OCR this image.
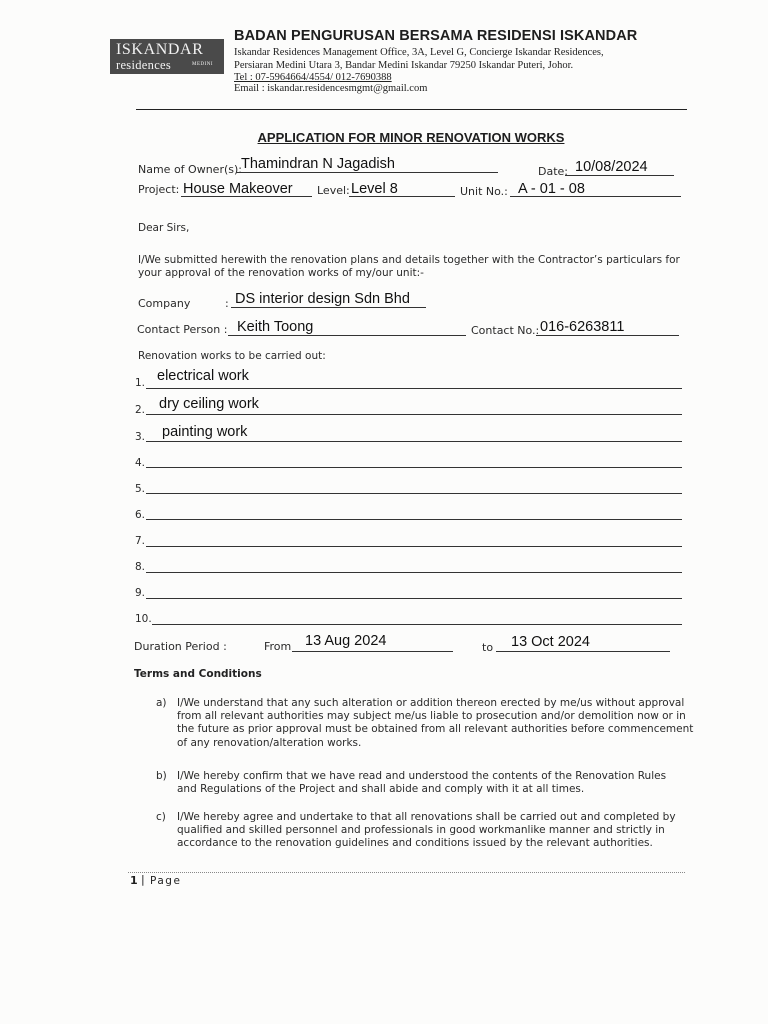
ISKANDAR
residences	MEDINI
BADAN PENGURUSAN BERSAMA RESIDENSI ISKANDAR
Iskandar Residences Management Office, 3A, Level G, Concierge Iskandar Residences,
Persiaran Medini Utara 3, Bandar Medini Iskandar 79250 Iskandar Puteri, Johor.
Tel : 07-5964664/4554/ 012-7690388
Email : iskandar.residencesmgmt@gmail.com
APPLICATION FOR MINOR RENOVATION WORKS
Name of Owner(s): Thamindran N Jagadish	Date: 10/08/2024
Project: House Makeover Level: Level 8	Unit No.: A - 01 - 08
Dear Sirs,
I/We submitted herewith the renovation plans and details together with the Contractor’s particulars for
your approval of the renovation works of my/our unit:-
Company	: DS interior design Sdn Bhd
Contact Person : Keith Toong	Contact No.: 016-6263811
Renovation works to be carried out:
1. electrical work
2. dry ceiling work
3. painting work
4.
5.
6.
7.
8.
9.
10.
Duration Period :	From 13 Aug 2024	to 13 Oct 2024
Terms and Conditions
a) I/We understand that any such alteration or addition thereon erected by me/us without approval
from all relevant authorities may subject me/us liable to prosecution and/or demolition now or in
the future as prior approval must be obtained from all relevant authorities before commencement
of any renovation/alteration works.
b) I/We hereby confirm that we have read and understood the contents of the Renovation Rules
and Regulations of the Project and shall abide and comply with it at all times.
c) I/We hereby agree and undertake to that all renovations shall be carried out and completed by
qualified and skilled personnel and professionals in good workmanlike manner and strictly in
accordance to the renovation guidelines and conditions issued by the relevant authorities.
1 | Page
